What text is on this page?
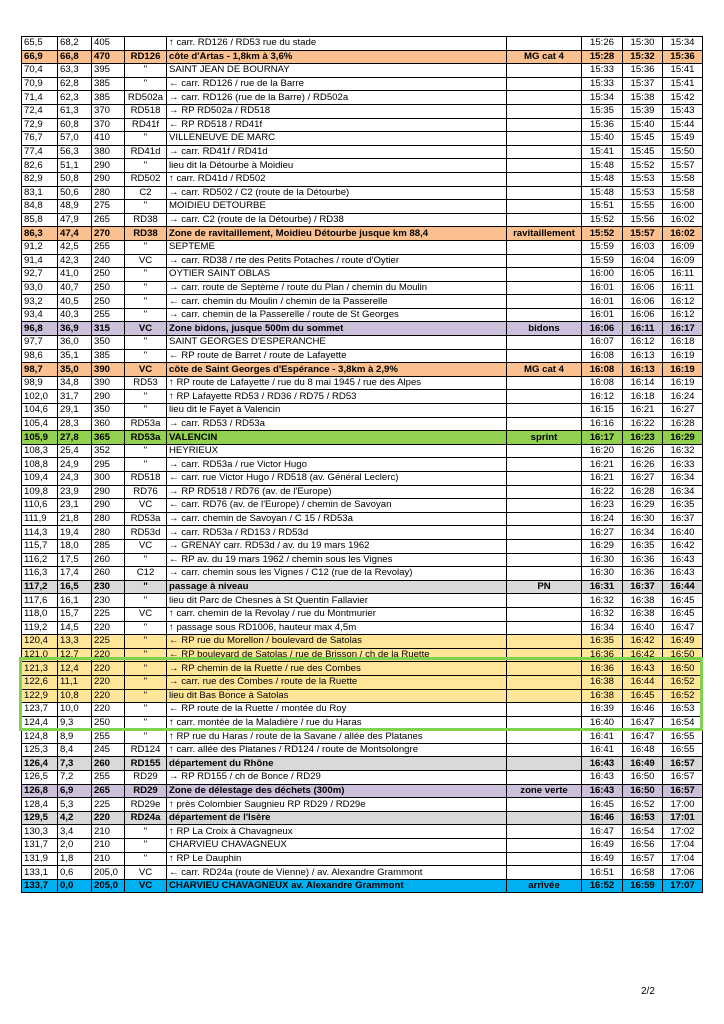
65,5	68,2	405		↑ carr. RD126 / RD53 rue du stade		15:26	15:30	15:34
66,9	66,8	470	RD126	côte d'Artas - 1,8km à 3,6%	MG cat 4	15:28	15:32	15:36
70,4	63,3	395	"	SAINT JEAN DE BOURNAY		15:33	15:36	15:41
70,9	62,8	385	"	← carr. RD126 / rue de la Barre		15:33	15:37	15:41
71,4	62,3	385	RD502a	→ carr. RD126 (rue de la Barre) / RD502a		15:34	15:38	15:42
72,4	61,3	370	RD518	→ RP RD502a / RD518		15:35	15:39	15:43
72,9	60,8	370	RD41f	← RP RD518 / RD41f		15:36	15:40	15:44
76,7	57,0	410	"	VILLENEUVE DE MARC		15:40	15:45	15:49
77,4	56,3	380	RD41d	→ carr. RD41f / RD41d		15:41	15:45	15:50
82,6	51,1	290	"	lieu dit la Détourbe à Moidieu		15:48	15:52	15:57
82,9	50,8	290	RD502	↑ carr. RD41d / RD502		15:48	15:53	15:58
83,1	50,6	280	C2	→ carr. RD502 / C2 (route de la Détourbe)		15:48	15:53	15:58
84,8	48,9	275	"	MOIDIEU DETOURBE		15:51	15:55	16:00
85,8	47,9	265	RD38	→ carr. C2 (route de la Détourbe) / RD38		15:52	15:56	16:02
86,3	47,4	270	RD38	Zone de ravitaillement, Moidieu Détourbe jusque km 88,4	ravitaillement	15:52	15:57	16:02
91,2	42,5	255	"	SEPTEME		15:59	16:03	16:09
91,4	42,3	240	VC	→ carr. RD38 / rte des Petits Potaches / route d'Oytier		15:59	16:04	16:09
92,7	41,0	250	"	OYTIER SAINT OBLAS		16:00	16:05	16:11
93,0	40,7	250	"	→ carr. route de Septème / route du Plan / chemin du Moulin		16:01	16:06	16:11
93,2	40,5	250	"	← carr. chemin du Moulin / chemin de la Passerelle		16:01	16:06	16:12
93,4	40,3	255	"	→ carr. chemin de la Passerelle / route de St Georges		16:01	16:06	16:12
96,8	36,9	315	VC	Zone bidons, jusque 500m du sommet	bidons	16:06	16:11	16:17
97,7	36,0	350	"	SAINT GEORGES D'ESPERANCHE		16:07	16:12	16:18
98,6	35,1	385	"	← RP route de Barret / route de Lafayette		16:08	16:13	16:19
98,7	35,0	390	VC	côte de Saint Georges d'Espérance - 3,8km à 2,9%	MG cat 4	16:08	16:13	16:19
98,9	34,8	390	RD53	↑ RP route de Lafayette / rue du 8 mai 1945 / rue des Alpes		16:08	16:14	16:19
102,0	31,7	290	"	↑ RP Lafayette RD53 / RD36 / RD75 / RD53		16:12	16:18	16:24
104,6	29,1	350	"	lieu dit le Fayet à Valencin		16:15	16:21	16:27
105,4	28,3	360	RD53a	→ carr. RD53 / RD53a		16:16	16:22	16:28
105,9	27,8	365	RD53a	VALENCIN	sprint	16:17	16:23	16:29
108,3	25,4	352	"	HEYRIEUX		16:20	16:26	16:32
108,8	24,9	295	"	→ carr. RD53a / rue Victor Hugo		16:21	16:26	16:33
109,4	24,3	300	RD518	← carr. rue Victor Hugo / RD518 (av. Général Leclerc)		16:21	16:27	16:34
109,8	23,9	290	RD76	→ RP RD518 / RD76 (av. de l'Europe)		16:22	16:28	16:34
110,6	23,1	290	VC	← carr. RD76 (av. de l'Europe) / chemin de Savoyan		16:23	16:29	16:35
111,9	21,8	280	RD53a	→ carr. chemin de Savoyan / C 15 / RD53a		16:24	16:30	16:37
114,3	19,4	280	RD53d	→ carr. RD53a / RD153 / RD53d		16:27	16:34	16:40
115,7	18,0	285	VC	→ GRENAY carr. RD53d / av. du 19 mars 1962		16:29	16:35	16:42
116,2	17,5	260	"	← RP av. du 19 mars 1962 / chemin sous les Vignes		16:30	16:36	16:43
116,3	17,4	260	C12	→ carr. chemin sous les Vignes / C12 (rue de la Revolay)		16:30	16:36	16:43
117,2	16,5	230	"	passage à niveau	PN	16:31	16:37	16:44
117,6	16,1	230	"	lieu dit Parc de Chesnes à St Quentin Fallavier		16:32	16:38	16:45
118,0	15,7	225	VC	↑ carr. chemin de la Revolay / rue du Montmurier		16:32	16:38	16:45
119,2	14,5	220	"	↑ passage sous RD1006, hauteur max 4,5m		16:34	16:40	16:47
120,4	13,3	225	"	← RP rue du Morellon / boulevard de Satolas		16:35	16:42	16:49
121,0	12,7	220	"	← RP boulevard de Satolas / rue de Brisson / ch de la Ruette		16:36	16:42	16:50
121,3	12,4	220	"	→ RP chemin de la Ruette / rue des Combes		16:36	16:43	16:50
122,6	11,1	220	"	→ carr. rue des Combes / route de la Ruette		16:38	16:44	16:52
122,9	10,8	220	"	lieu dit Bas Bonce à Satolas		16:38	16:45	16:52
123,7	10,0	220	"	← RP route de la Ruette / montée du Roy		16:39	16:46	16:53
124,4	9,3	250	"	↑ carr. montée de la Maladière / rue du Haras		16:40	16:47	16:54
124,8	8,9	255	"	↑ RP rue du Haras / route de la Savane / allée des Platanes		16:41	16:47	16:55
125,3	8,4	245	RD124	↑ carr. allée des Platanes / RD124 / route de Montsolongre		16:41	16:48	16:55
126,4	7,3	260	RD155	département du Rhône		16:43	16:49	16:57
126,5	7,2	255	RD29	→ RP RD155 / ch de Bonce / RD29		16:43	16:50	16:57
126,8	6,9	265	RD29	Zone de délestage des déchets (300m)	zone verte	16:43	16:50	16:57
128,4	5,3	225	RD29e	↑ près Colombier Saugnieu RP RD29 / RD29e		16:45	16:52	17:00
129,5	4,2	220	RD24a	département de l'Isère		16:46	16:53	17:01
130,3	3,4	210	"	↑ RP La Croix à Chavagneux		16:47	16:54	17:02
131,7	2,0	210	"	CHARVIEU CHAVAGNEUX		16:49	16:56	17:04
131,9	1,8	210	"	↑ RP Le Dauphin		16:49	16:57	17:04
133,1	0,6	205,0	VC	← carr. RD24a (route de Vienne) / av. Alexandre Grammont		16:51	16:58	17:06
133,7	0,0	205,0	VC	CHARVIEU CHAVAGNEUX av. Alexandre Grammont	arrivée	16:52	16:59	17:07
2/2
